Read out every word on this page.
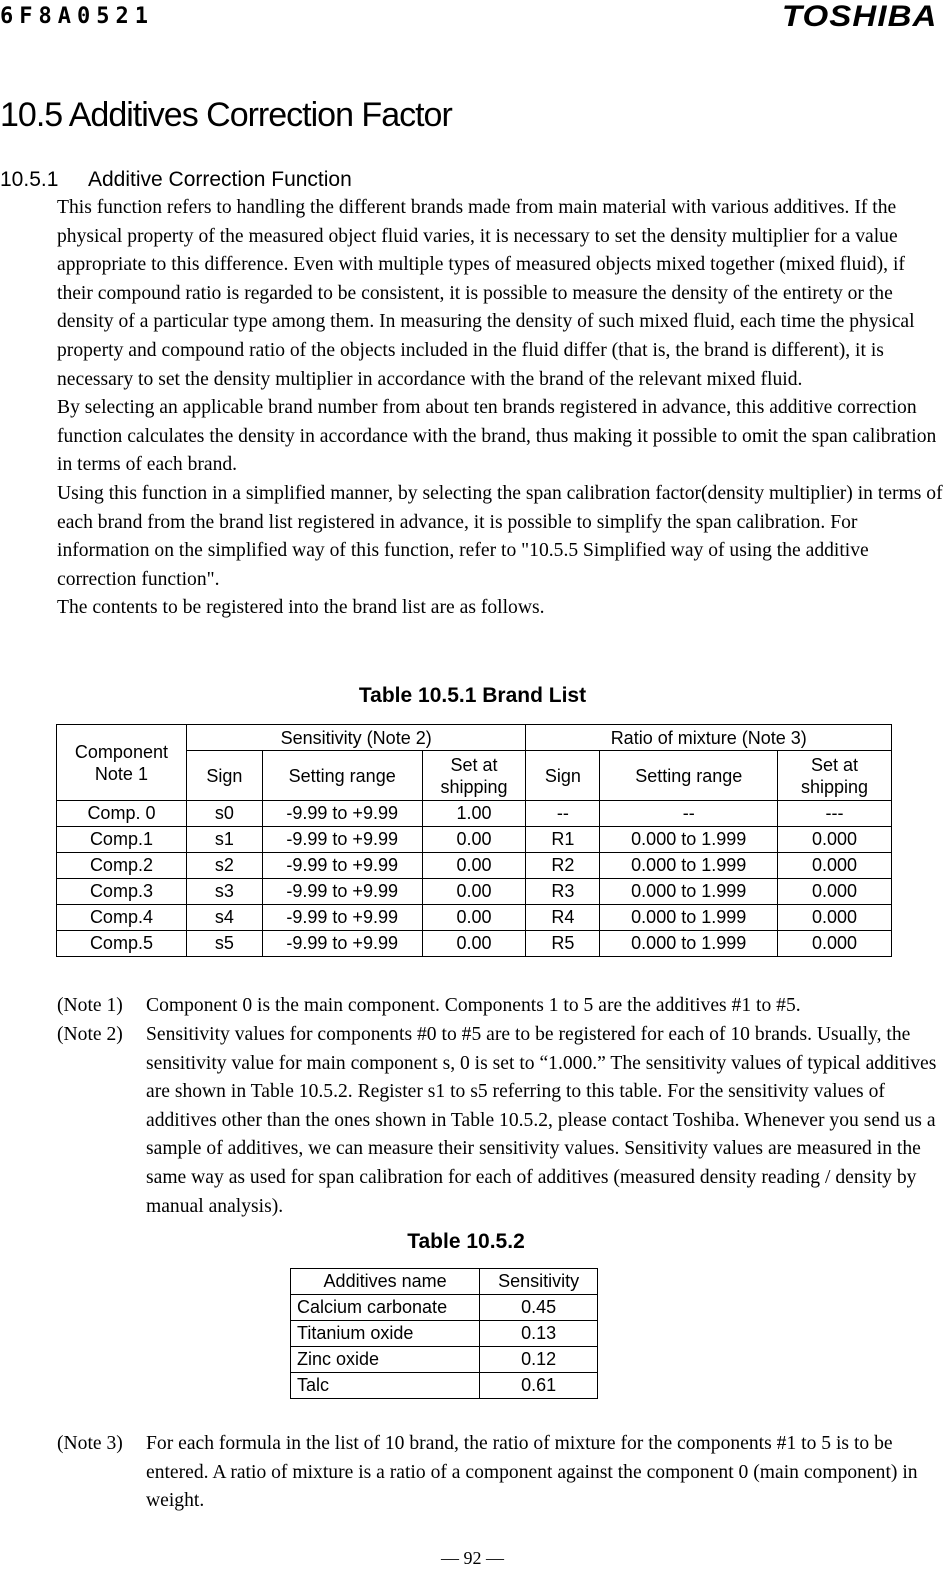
6F8A0521	TOSHIBA
10.5 Additives Correction Factor
10.5.1 Additive Correction Function
This function refers to handling the different brands made from main material with various additives. If the physical property of the measured object fluid varies, it is necessary to set the density multiplier for a value appropriate to this difference. Even with multiple types of measured objects mixed together (mixed fluid), if their compound ratio is regarded to be consistent, it is possible to measure the density of the entirety or the density of a particular type among them. In measuring the density of such mixed fluid, each time the physical property and compound ratio of the objects included in the fluid differ (that is, the brand is different), it is necessary to set the density multiplier in accordance with the brand of the relevant mixed fluid.
By selecting an applicable brand number from about ten brands registered in advance, this additive correction function calculates the density in accordance with the brand, thus making it possible to omit the span calibration in terms of each brand.
Using this function in a simplified manner, by selecting the span calibration factor(density multiplier) in terms of each brand from the brand list registered in advance, it is possible to simplify the span calibration. For information on the simplified way of this function, refer to "10.5.5 Simplified way of using the additive correction function".
The contents to be registered into the brand list are as follows.
Table 10.5.1 Brand List
Component Note 1	Sensitivity (Note 2)			Ratio of mixture (Note 3)		
	Sign	Setting range	Set at shipping	Sign	Setting range	Set at shipping
Comp. 0	s0	-9.99 to +9.99	1.00	--	--	---
Comp.1	s1	-9.99 to +9.99	0.00	R1	0.000 to 1.999	0.000
Comp.2	s2	-9.99 to +9.99	0.00	R2	0.000 to 1.999	0.000
Comp.3	s3	-9.99 to +9.99	0.00	R3	0.000 to 1.999	0.000
Comp.4	s4	-9.99 to +9.99	0.00	R4	0.000 to 1.999	0.000
Comp.5	s5	-9.99 to +9.99	0.00	R5	0.000 to 1.999	0.000
(Note 1) Component 0 is the main component. Components 1 to 5 are the additives #1 to #5.
(Note 2) Sensitivity values for components #0 to #5 are to be registered for each of 10 brands. Usually, the sensitivity value for main component s, 0 is set to “1.000.” The sensitivity values of typical additives are shown in Table 10.5.2. Register s1 to s5 referring to this table. For the sensitivity values of additives other than the ones shown in Table 10.5.2, please contact Toshiba. Whenever you send us a sample of additives, we can measure their sensitivity values. Sensitivity values are measured in the same way as used for span calibration for each of additives (measured density reading / density by manual analysis).
Table 10.5.2
Additives name	Sensitivity
Calcium carbonate	0.45
Titanium oxide	0.13
Zinc oxide	0.12
Talc	0.61
(Note 3) For each formula in the list of 10 brand, the ratio of mixture for the components #1 to 5 is to be entered. A ratio of mixture is a ratio of a component against the component 0 (main component) in weight.
— 92 —
